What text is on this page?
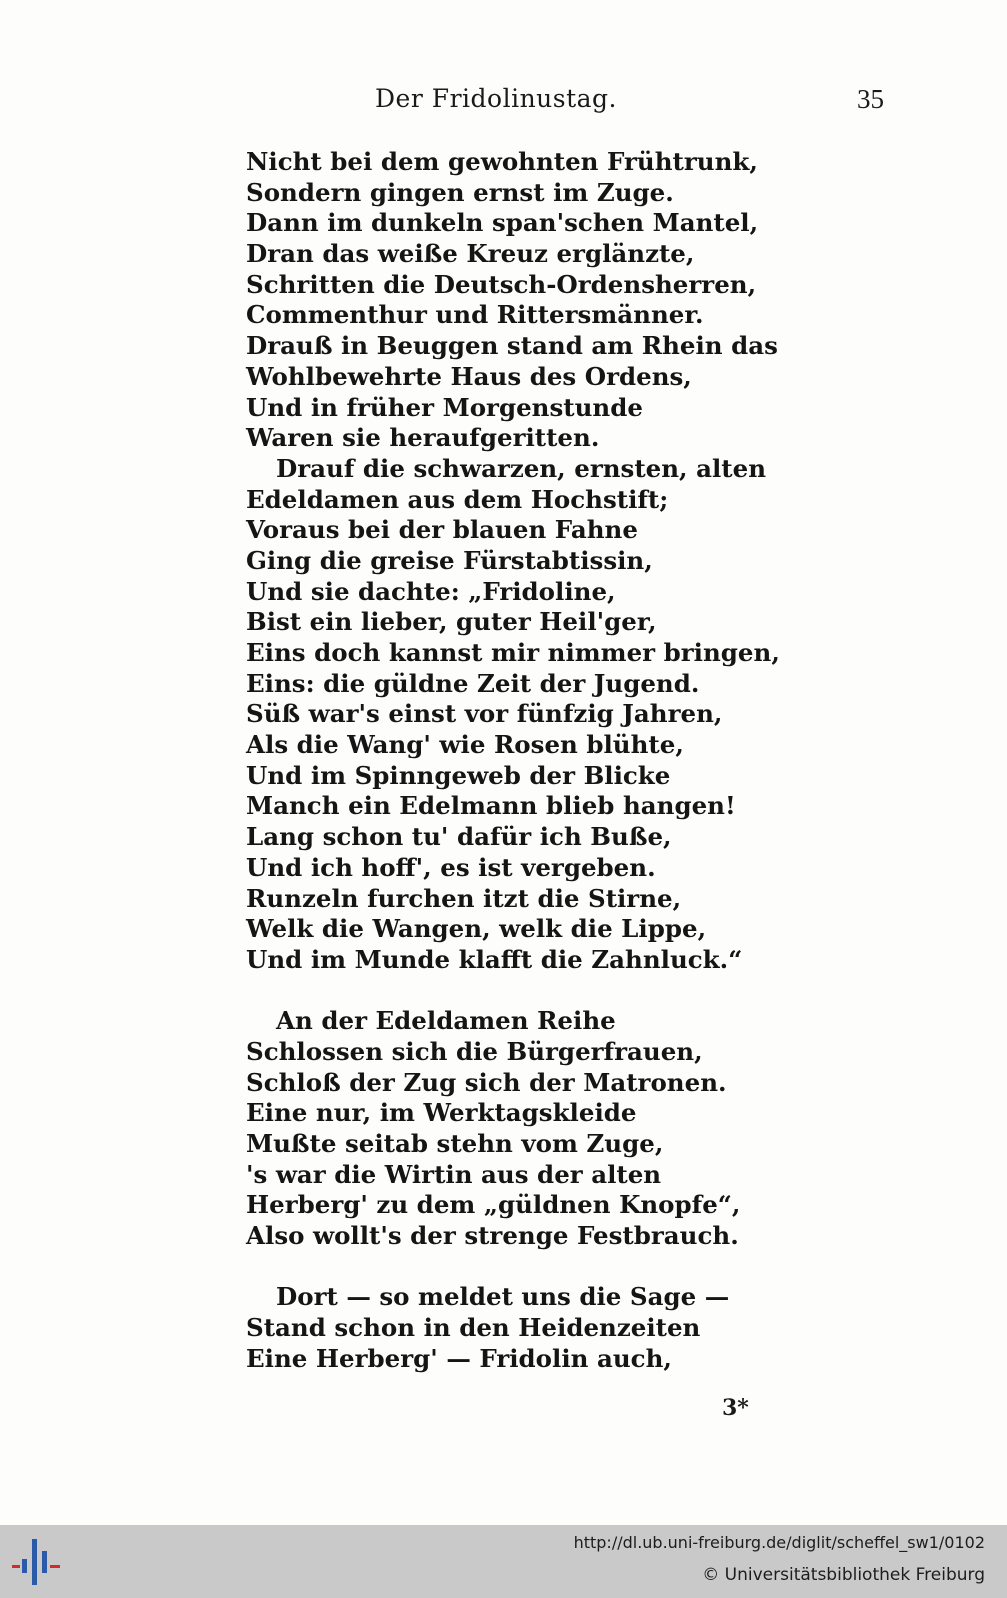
Der Fridolinustag.	35
Nicht bei dem gewohnten Frühtrunk,
Sondern gingen ernst im Zuge.
Dann im dunkeln span'schen Mantel,
Dran das weiße Kreuz erglänzte,
Schritten die Deutsch-Ordensherren,
Commenthur und Rittersmänner.
Drauß in Beuggen stand am Rhein das
Wohlbewehrte Haus des Ordens,
Und in früher Morgenstunde
Waren sie heraufgeritten.
Drauf die schwarzen, ernsten, alten
Edeldamen aus dem Hochstift;
Voraus bei der blauen Fahne
Ging die greise Fürstabtissin,
Und sie dachte: „Fridoline,
Bist ein lieber, guter Heil'ger,
Eins doch kannst mir nimmer bringen,
Eins: die güldne Zeit der Jugend.
Süß war's einst vor fünfzig Jahren,
Als die Wang' wie Rosen blühte,
Und im Spinngeweb der Blicke
Manch ein Edelmann blieb hangen!
Lang schon tu' dafür ich Buße,
Und ich hoff', es ist vergeben.
Runzeln furchen itzt die Stirne,
Welk die Wangen, welk die Lippe,
Und im Munde klafft die Zahnluck.“
An der Edeldamen Reihe
Schlossen sich die Bürgerfrauen,
Schloß der Zug sich der Matronen.
Eine nur, im Werktagskleide
Mußte seitab stehn vom Zuge,
's war die Wirtin aus der alten
Herberg' zu dem „güldnen Knopfe“,
Also wollt's der strenge Festbrauch.
Dort — so meldet uns die Sage —
Stand schon in den Heidenzeiten
Eine Herberg' — Fridolin auch,
3*
http://dl.ub.uni-freiburg.de/diglit/scheffel_sw1/0102
© Universitätsbibliothek Freiburg
